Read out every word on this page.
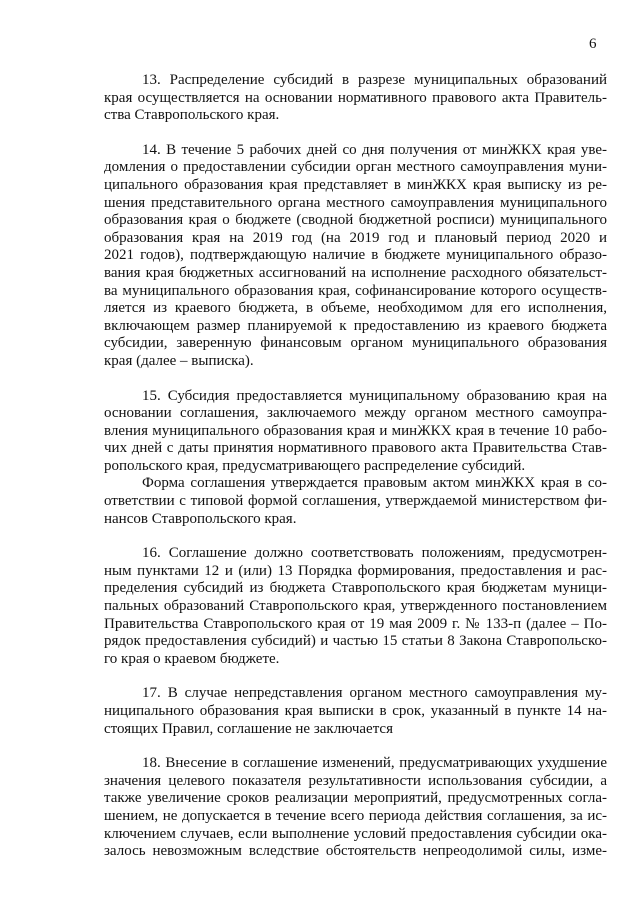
6
13. Распределение субсидий в разрезе муниципальных образований
края осуществляется на основании нормативного правового акта Правитель-
ства Ставропольского края.
14. В течение 5 рабочих дней со дня получения от минЖКХ края уве-
домления о предоставлении субсидии орган местного самоуправления муни-
ципального образования края представляет в минЖКХ края выписку из ре-
шения представительного органа местного самоуправления муниципального
образования края о бюджете (сводной бюджетной росписи) муниципального
образования края на 2019 год (на 2019 год и плановый период 2020 и
2021 годов), подтверждающую наличие в бюджете муниципального образо-
вания края бюджетных ассигнований на исполнение расходного обязательст-
ва муниципального образования края, софинансирование которого осуществ-
ляется из краевого бюджета, в объеме, необходимом для его исполнения,
включающем размер планируемой к предоставлению из краевого бюджета
субсидии, заверенную финансовым органом муниципального образования
края (далее – выписка).
15. Субсидия предоставляется муниципальному образованию края на
основании соглашения, заключаемого между органом местного самоупра-
вления муниципального образования края и минЖКХ края в течение 10 рабо-
чих дней с даты принятия нормативного правового акта Правительства Став-
ропольского края, предусматривающего распределение субсидий.
Форма соглашения утверждается правовым актом минЖКХ края в со-
ответствии с типовой формой соглашения, утверждаемой министерством фи-
нансов Ставропольского края.
16. Соглашение должно соответствовать положениям, предусмотрен-
ным пунктами 12 и (или) 13 Порядка формирования, предоставления и рас-
пределения субсидий из бюджета Ставропольского края бюджетам муници-
пальных образований Ставропольского края, утвержденного постановлением
Правительства Ставропольского края от 19 мая 2009 г. № 133-п (далее – По-
рядок предоставления субсидий) и частью 15 статьи 8 Закона Ставропольско-
го края о краевом бюджете.
17. В случае непредставления органом местного самоуправления му-
ниципального образования края выписки в срок, указанный в пункте 14 на-
стоящих Правил, соглашение не заключается
18. Внесение в соглашение изменений, предусматривающих ухудшение
значения целевого показателя результативности использования субсидии, а
также увеличение сроков реализации мероприятий, предусмотренных согла-
шением, не допускается в течение всего периода действия соглашения, за ис-
ключением случаев, если выполнение условий предоставления субсидии ока-
залось невозможным вследствие обстоятельств непреодолимой силы, изме-
